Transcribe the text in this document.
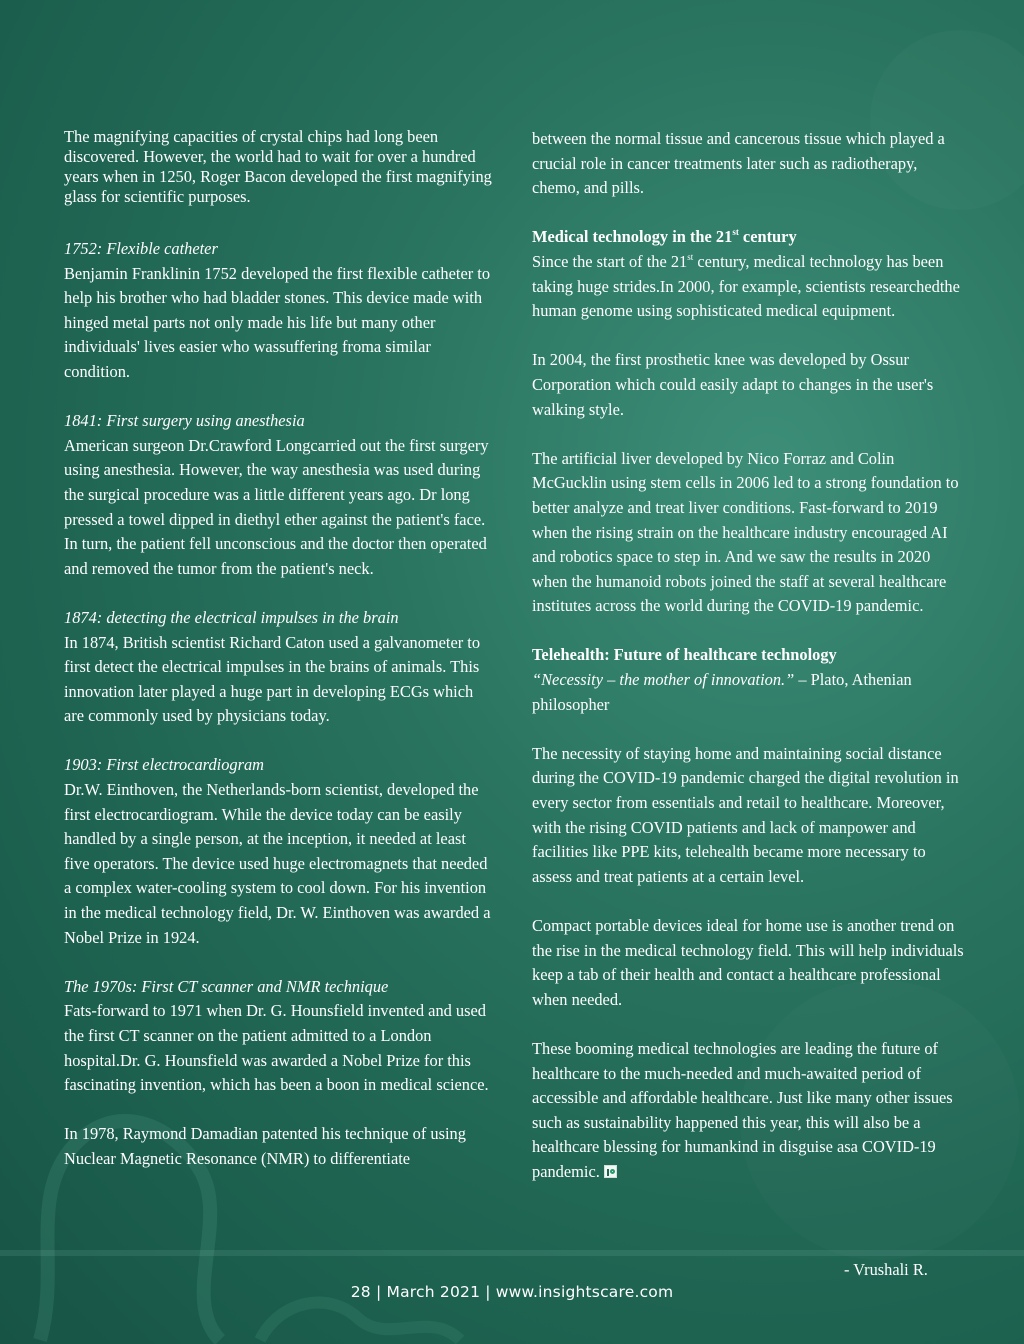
The magnifying capacities of crystal chips had long been discovered. However, the world had to wait for over a hundred years when in 1250, Roger Bacon developed the first magnifying glass for scientific purposes.

1752: Flexible catheter
Benjamin Franklinin 1752 developed the first flexible catheter to help his brother who had bladder stones. This device made with hinged metal parts not only made his life but many other individuals' lives easier who wassuffering froma similar condition.

1841: First surgery using anesthesia
American surgeon Dr.Crawford Longcarried out the first surgery using anesthesia. However, the way anesthesia was used during the surgical procedure was a little different years ago. Dr long pressed a towel dipped in diethyl ether against the patient's face. In turn, the patient fell unconscious and the doctor then operated and removed the tumor from the patient's neck.

1874: detecting the electrical impulses in the brain
In 1874, British scientist Richard Caton used a galvanometer to first detect the electrical impulses in the brains of animals. This innovation later played a huge part in developing ECGs which are commonly used by physicians today.

1903: First electrocardiogram
Dr.W. Einthoven, the Netherlands-born scientist, developed the first electrocardiogram. While the device today can be easily handled by a single person, at the inception, it needed at least five operators. The device used huge electromagnets that needed a complex water-cooling system to cool down. For his invention in the medical technology field, Dr. W. Einthoven was awarded a Nobel Prize in 1924.

The 1970s: First CT scanner and NMR technique
Fats-forward to 1971 when Dr. G. Hounsfield invented and used the first CT scanner on the patient admitted to a London hospital.Dr. G. Hounsfield was awarded a Nobel Prize for this fascinating invention, which has been a boon in medical science.

In 1978, Raymond Damadian patented his technique of using Nuclear Magnetic Resonance (NMR) to differentiate

between the normal tissue and cancerous tissue which played a crucial role in cancer treatments later such as radiotherapy, chemo, and pills.

Medical technology in the 21st century
Since the start of the 21st century, medical technology has been taking huge strides.In 2000, for example, scientists researchedthe human genome using sophisticated medical equipment.

In 2004, the first prosthetic knee was developed by Ossur Corporation which could easily adapt to changes in the user's walking style.

The artificial liver developed by Nico Forraz and Colin McGucklin using stem cells in 2006 led to a strong foundation to better analyze and treat liver conditions. Fast-forward to 2019 when the rising strain on the healthcare industry encouraged AI and robotics space to step in. And we saw the results in 2020 when the humanoid robots joined the staff at several healthcare institutes across the world during the COVID-19 pandemic.

Telehealth: Future of healthcare technology
“Necessity – the mother of innovation.” – Plato, Athenian philosopher

The necessity of staying home and maintaining social distance during the COVID-19 pandemic charged the digital revolution in every sector from essentials and retail to healthcare. Moreover, with the rising COVID patients and lack of manpower and facilities like PPE kits, telehealth became more necessary to assess and treat patients at a certain level.

Compact portable devices ideal for home use is another trend on the rise in the medical technology field. This will help individuals keep a tab of their health and contact a healthcare professional when needed.

These booming medical technologies are leading the future of healthcare to the much-needed and much-awaited period of accessible and affordable healthcare. Just like many other issues such as sustainability happened this year, this will also be a healthcare blessing for humankind in disguise asa COVID-19 pandemic.

- Vrushali R.
28 | March 2021 | www.insightscare.com
